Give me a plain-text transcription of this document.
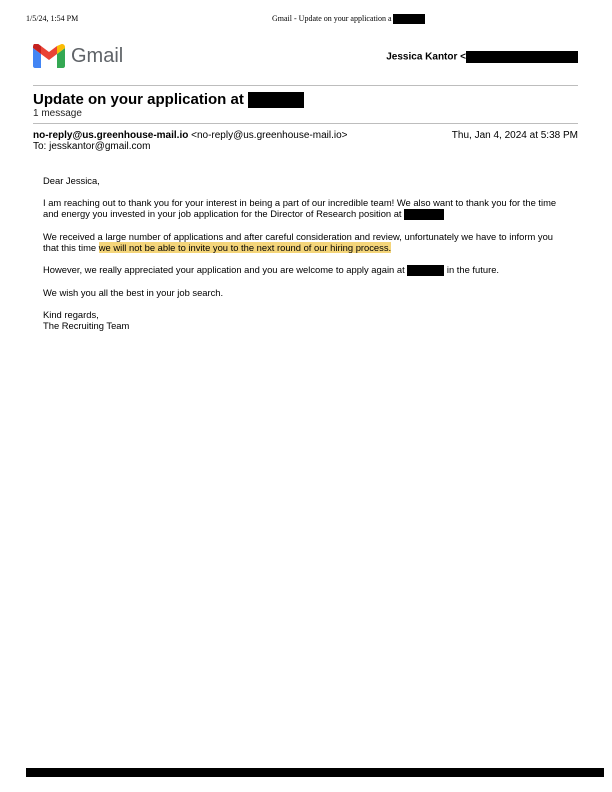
1/5/24, 1:54 PM	Gmail - Update on your application a
Gmail	Jessica Kantor <
Update on your application at
1 message
no-reply@us.greenhouse-mail.io <no-reply@us.greenhouse-mail.io>	Thu, Jan 4, 2024 at 5:38 PM
To: jesskantor@gmail.com

Dear Jessica,

I am reaching out to thank you for your interest in being a part of our incredible team! We also want to thank you for the time and energy you invested in your job application for the Director of Research position at

We received a large number of applications and after careful consideration and review, unfortunately we have to inform you that this time we will not be able to invite you to the next round of our hiring process.

However, we really appreciated your application and you are welcome to apply again at	in the future.

We wish you all the best in your job search.

Kind regards,
The Recruiting Team
